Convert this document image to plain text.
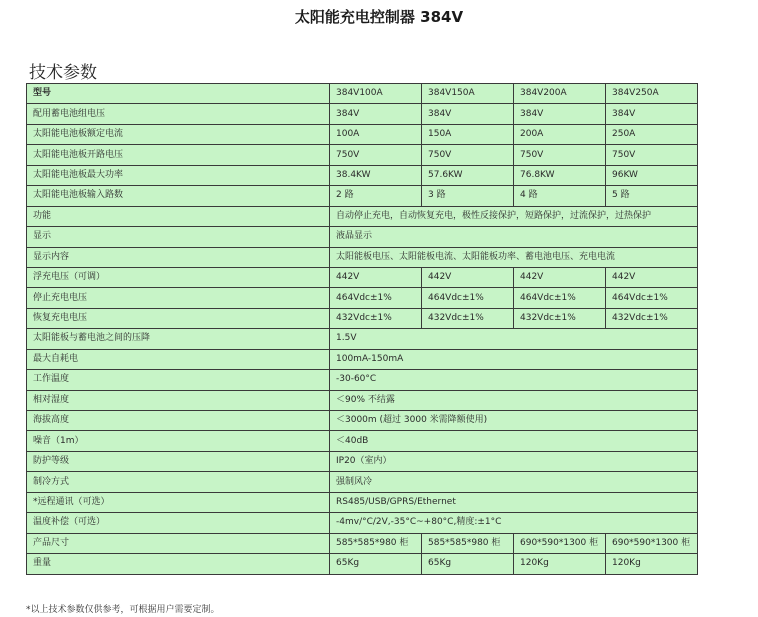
太阳能充电控制器 384V
技术参数
型号	384V100A	384V150A	384V200A	384V250A
配用蓄电池组电压	384V	384V	384V	384V
太阳能电池板额定电流	100A	150A	200A	250A
太阳能电池板开路电压	750V	750V	750V	750V
太阳能电池板最大功率	38.4KW	57.6KW	76.8KW	96KW
太阳能电池板输入路数	2 路	3 路	4 路	5 路
功能	自动停止充电，自动恢复充电，极性反接保护，短路保护，过流保护，过热保护			
显示	液晶显示			
显示内容	太阳能板电压、太阳能板电流、太阳能板功率、蓄电池电压、充电电流			
浮充电压（可调）	442V	442V	442V	442V
停止充电电压	464Vdc±1%	464Vdc±1%	464Vdc±1%	464Vdc±1%
恢复充电电压	432Vdc±1%	432Vdc±1%	432Vdc±1%	432Vdc±1%
太阳能板与蓄电池之间的压降	1.5V			
最大自耗电	100mA-150mA			
工作温度	-30-60°C			
相对湿度	＜90% 不结露			
海拔高度	＜3000m (超过 3000 米需降额使用)			
噪音（1m）	＜40dB			
防护等级	IP20（室内）			
制冷方式	强制风冷			
*远程通讯（可选）	RS485/USB/GPRS/Ethernet			
温度补偿（可选）	-4mv/°C/2V,-35°C~+80°C,精度:±1°C			
产品尺寸	585*585*980 柜	585*585*980 柜	690*590*1300 柜	690*590*1300 柜
重量	65Kg	65Kg	120Kg	120Kg
*以上技术参数仅供参考，可根据用户需要定制。
